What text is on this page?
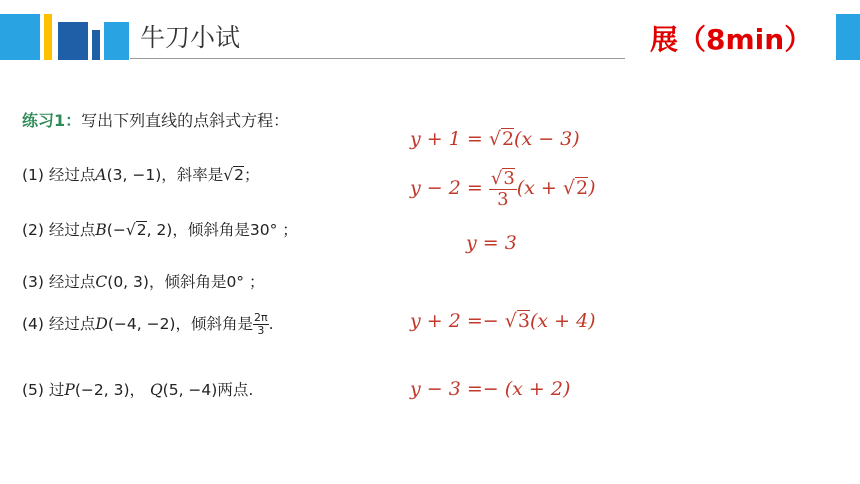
牛刀小试	展（8min）
练习1：写出下列直线的点斜式方程：
(1) 经过点A(3, −1)，斜率是√2；
(2) 经过点B(−√2, 2)，倾斜角是30° ；
(3) 经过点C(0, 3)，倾斜角是0° ；
(4) 经过点D(−4, −2)，倾斜角是 $\frac{2\pi}{3}$ .
(5) 过P(−2, 3)， Q(5, −4)两点.
y + 1 = √2(x − 3)
$y - 2 = \frac{√3}{3} (x + √2)$
y = 3
y + 2 =− √3(x + 4)
y − 3 =− (x + 2)
